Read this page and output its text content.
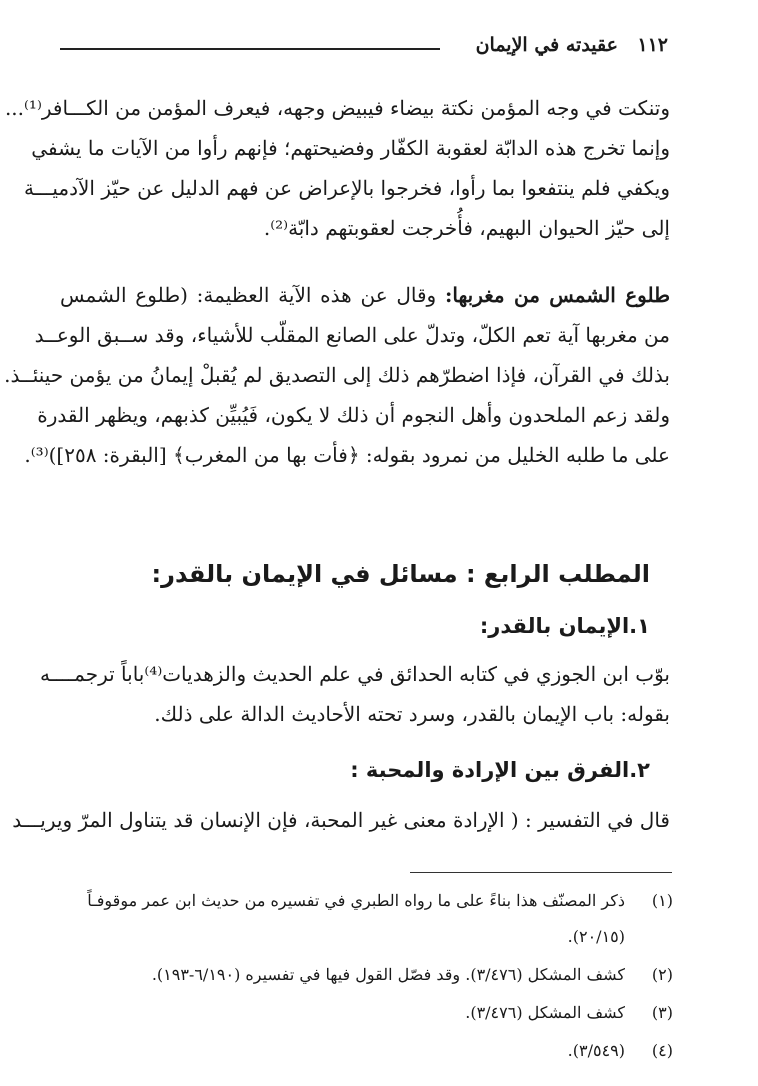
١١٢
عقيدته في الإيمان
وتنكت في وجه المؤمن نكتة بيضاء فيبيض وجهه، فيعرف المؤمن من الكـــافر⁽¹⁾...
وإنما تخرج هذه الدابّة لعقوبة الكفّار وفضيحتهم؛ فإنهم رأوا من الآيات ما يشفي
ويكفي فلم ينتفعوا بما رأوا، فخرجوا بالإعراض عن فهم الدليل عن حيّز الآدميـــة
إلى حيّز الحيوان البهيم، فأُخرجت لعقوبتهم دابّة⁽²⁾.
طلوع الشمس من مغربها: وقال عن هذه الآية العظيمة: (طلوع الشمس
من مغربها آية تعم الكلّ، وتدلّ على الصانع المقلّب للأشياء، وقد ســبق الوعــد
بذلك في القرآن، فإذا اضطرّهم ذلك إلى التصديق لم يُقبلْ إيمانُ من يؤمن حينئــذ.
ولقد زعم الملحدون وأهل النجوم أن ذلك لا يكون، فَيُبيِّن كذبهم، ويظهر القدرة
على ما طلبه الخليل من نمرود بقوله: ﴿فأت بها من المغرب﴾ [البقرة: ٢٥٨])⁽³⁾.
المطلب الرابع : مسائل في الإيمان بالقدر:
١.الإيمان بالقدر:
بوّب ابن الجوزي في كتابه الحدائق في علم الحديث والزهديات⁽⁴⁾باباً ترجمــــه
بقوله: باب الإيمان بالقدر، وسرد تحته الأحاديث الدالة على ذلك.
٢.الفرق بين الإرادة والمحبة :
قال في التفسير : ( الإرادة معنى غير المحبة، فإن الإنسان قد يتناول المرّ ويريـــد
(١)
ذكر المصنّف هذا بناءً على ما رواه الطبري في تفسيره من حديث ابن عمر موقوفـاً
(٢٠/١٥).
(٢)
كشف المشكل (٣/٤٧٦). وقد فصّل القول فيها في تفسيره (٦/١٩٠-١٩٣).
(٣)
كشف المشكل (٣/٤٧٦).
(٤)
(٣/٥٤٩).
